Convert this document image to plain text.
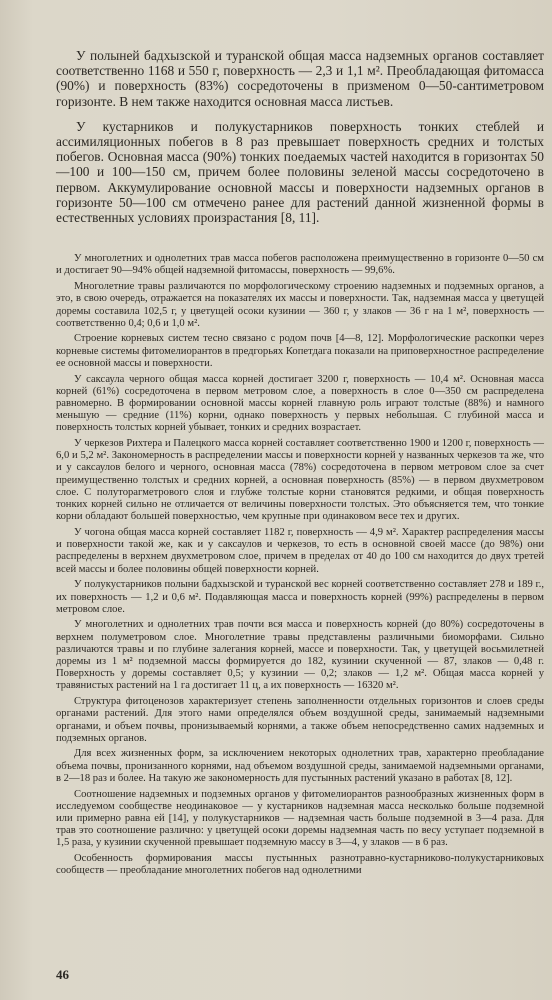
У полыней бадхызской и туранской общая масса надземных органов составляет соответственно 1168 и 550 г, поверхность — 2,3 и 1,1 м². Преобладающая фитомасса (90%) и поверхность (83%) сосредоточены в призменом 0—50-сантиметровом горизонте. В нем также находится основная масса листьев.

У кустарников и полукустарников поверхность тонких стеблей и ассимиляционных побегов в 8 раз превышает поверхность средних и толстых побегов. Основная масса (90%) тонких поедаемых частей находится в горизонтах 50—100 и 100—150 см, причем более половины зеленой массы сосредоточено в первом. Аккумулирование основной массы и поверхности надземных органов в горизонте 50—100 см отмечено ранее для растений данной жизненной формы в естественных условиях произрастания [8, 11].

У многолетних и однолетних трав масса побегов расположена преимущественно в горизонте 0—50 см и достигает 90—94% общей надземной фитомассы, поверхность — 99,6%.

Многолетние травы различаются по морфологическому строению надземных и подземных органов, а это, в свою очередь, отражается на показателях их массы и поверхности. Так, надземная масса у цветущей доремы составила 102,5 г, у цветущей осоки кузинии — 360 г, у злаков — 36 г на 1 м², поверхность — соответственно 0,4; 0,6 и 1,0 м².

Строение корневых систем тесно связано с родом почв [4—8, 12]. Морфологические раскопки через корневые системы фитомелиорантов в предгорьях Копетдага показали на приповерхностное распределение ее основной массы и поверхности.

У саксаула черного общая масса корней достигает 3200 г, поверхность — 10,4 м². Основная масса корней (61%) сосредоточена в первом метровом слое, а поверхность в слое 0—350 см распределена равномерно. В формировании основной массы корней главную роль играют толстые (88%) и намного меньшую — средние (11%) корни, однако поверхность у первых небольшая. С глубиной масса и поверхность толстых корней убывает, тонких и средних возрастает.

У черкезов Рихтера и Палецкого масса корней составляет соответственно 1900 и 1200 г, поверхность — 6,0 и 5,2 м². Закономерность в распределении массы и поверхности корней у названных черкезов та же, что и у саксаулов белого и черного, основная масса (78%) сосредоточена в первом метровом слое за счет преимущественно толстых и средних корней, а основная поверхность (85%) — в первом двухметровом слое. С полуторагметрового слоя и глубже толстые корни становятся редкими, и общая поверхность тонких корней сильно не отличается от величины поверхности толстых. Это объясняется тем, что тонкие корни обладают большей поверхностью, чем крупные при одинаковом весе тех и других.

У чогона общая масса корней составляет 1182 г, поверхность — 4,9 м². Характер распределения массы и поверхности такой же, как и у саксаулов и черкезов, то есть в основной своей массе (до 98%) они распределены в верхнем двухметровом слое, причем в пределах от 40 до 100 см находится до двух третей всей массы и более половины общей поверхности корней.

У полукустарников полыни бадхызской и туранской вес корней соответственно составляет 278 и 189 г., их поверхность — 1,2 и 0,6 м². Подавляющая масса и поверхность корней (99%) распределены в первом метровом слое.

У многолетних и однолетних трав почти вся масса и поверхность корней (до 80%) сосредоточены в верхнем полуметровом слое. Многолетние травы представлены различными биоморфами. Сильно различаются травы и по глубине залегания корней, массе и поверхности. Так, у цветущей восьмилетней доремы из 1 м² подземной массы формируется до 182, кузинии скученной — 87, злаков — 0,48 г. Поверхность у доремы составляет 0,5; у кузинии — 0,2; злаков — 1,2 м². Общая масса корней у травянистых растений на 1 га достигает 11 ц, а их поверхность — 16320 м².

Структура фитоценозов характеризует степень заполненности отдельных горизонтов и слоев среды органами растений. Для этого нами определялся объем воздушной среды, занимаемый надземными органами, и объем почвы, пронизываемый корнями, а также объем непосредственно самих надземных и подземных органов.

Для всех жизненных форм, за исключением некоторых однолетних трав, характерно преобладание объема почвы, пронизанного корнями, над объемом воздушной среды, занимаемой надземными органами, в 2—18 раз и более. На такую же закономерность для пустынных растений указано в работах [8, 12].

Соотношение надземных и подземных органов у фитомелиорантов разнообразных жизненных форм в исследуемом сообществе неодинаковое — у кустарников надземная масса несколько больше подземной или примерно равна ей [14], у полукустарников — надземная часть больше подземной в 3—4 раза. Для трав это соотношение различно: у цветущей осоки доремы надземная часть по весу уступает подземной в 1,5 раза, у кузинии скученной превышает подземную массу в 3—4, у злаков — в 6 раз.

Особенность формирования массы пустынных разнотравно-кустарниково-полукустарниковых сообществ — преобладание многолетних побегов над однолетними

46
